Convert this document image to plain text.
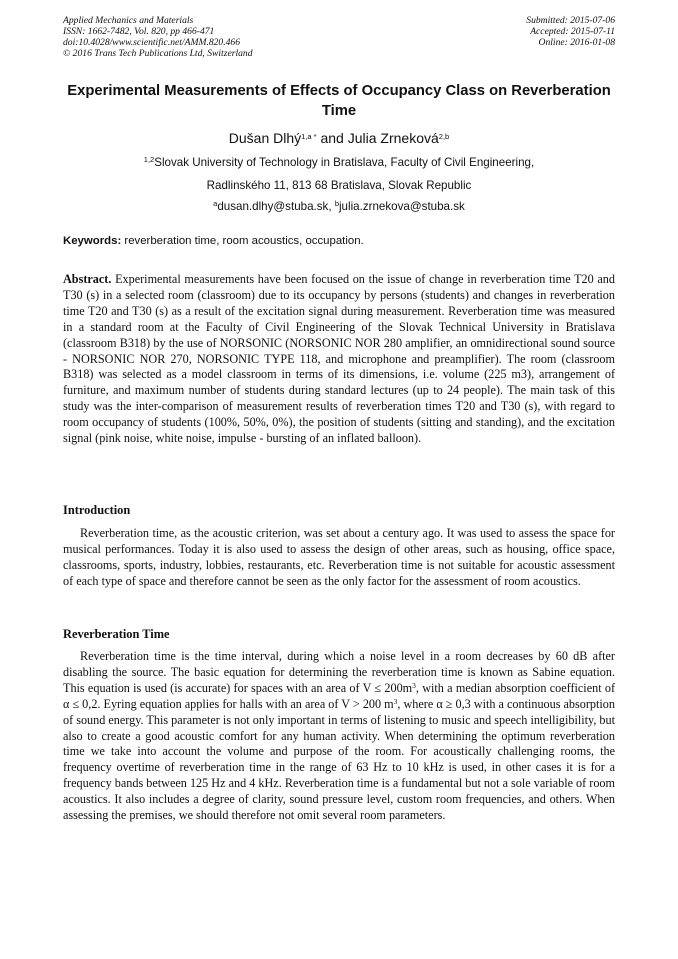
Applied Mechanics and Materials
ISSN: 1662-7482, Vol. 820, pp 466-471
doi:10.4028/www.scientific.net/AMM.820.466
© 2016 Trans Tech Publications Ltd, Switzerland
Submitted: 2015-07-06
Accepted: 2015-07-11
Online: 2016-01-08
Experimental Measurements of Effects of Occupancy Class on Reverberation Time
Dušan Dlhý$^{1,a *}$ and Julia Zrneková$^{2,b}$
$^{1,2}$Slovak University of Technology in Bratislava, Faculty of Civil Engineering,
Radlinského 11, 813 68 Bratislava, Slovak Republic
$^a$dusan.dlhy@stuba.sk, $^b$julia.zrnekova@stuba.sk
Keywords: reverberation time, room acoustics, occupation.

Abstract. Experimental measurements have been focused on the issue of change in reverberation time T20 and T30 (s) in a selected room (classroom) due to its occupancy by persons (students) and changes in reverberation time T20 and T30 (s) as a result of the excitation signal during measurement. Reverberation time was measured in a standard room at the Faculty of Civil Engineering of the Slovak Technical University in Bratislava (classroom B318) by the use of NORSONIC (NORSONIC NOR 280 amplifier, an omnidirectional sound source - NORSONIC NOR 270, NORSONIC TYPE 118, and microphone and preamplifier). The room (classroom B318) was selected as a model classroom in terms of its dimensions, i.e. volume (225 m3), arrangement of furniture, and maximum number of students during standard lectures (up to 24 people). The main task of this study was the inter-comparison of measurement results of reverberation times T20 and T30 (s), with regard to room occupancy of students (100%, 50%, 0%), the position of students (sitting and standing), and the excitation signal (pink noise, white noise, impulse - bursting of an inflated balloon).

Introduction

Reverberation time, as the acoustic criterion, was set about a century ago. It was used to assess the space for musical performances. Today it is also used to assess the design of other areas, such as housing, office space, classrooms, sports, industry, lobbies, restaurants, etc. Reverberation time is not suitable for acoustic assessment of each type of space and therefore cannot be seen as the only factor for the assessment of room acoustics.

Reverberation Time

Reverberation time is the time interval, during which a noise level in a room decreases by 60 dB after disabling the source. The basic equation for determining the reverberation time is known as Sabine equation. This equation is used (is accurate) for spaces with an area of $V \le 200m^3$, with a median absorption coefficient of α ≤ 0,2. Eyring equation applies for halls with an area of V > 200 $m^3$, where α ≥ 0,3 with a continuous absorption of sound energy. This parameter is not only important in terms of listening to music and speech intelligibility, but also to create a good acoustic comfort for any human activity. When determining the optimum reverberation time we take into account the volume and purpose of the room. For acoustically challenging rooms, the frequency overtime of reverberation time in the range of 63 Hz to 10 kHz is used, in other cases it is for a frequency bands between 125 Hz and 4 kHz. Reverberation time is a fundamental but not a sole variable of room acoustics. It also includes a degree of clarity, sound pressure level, custom room frequencies, and others. When assessing the premises, we should therefore not omit several room parameters.
